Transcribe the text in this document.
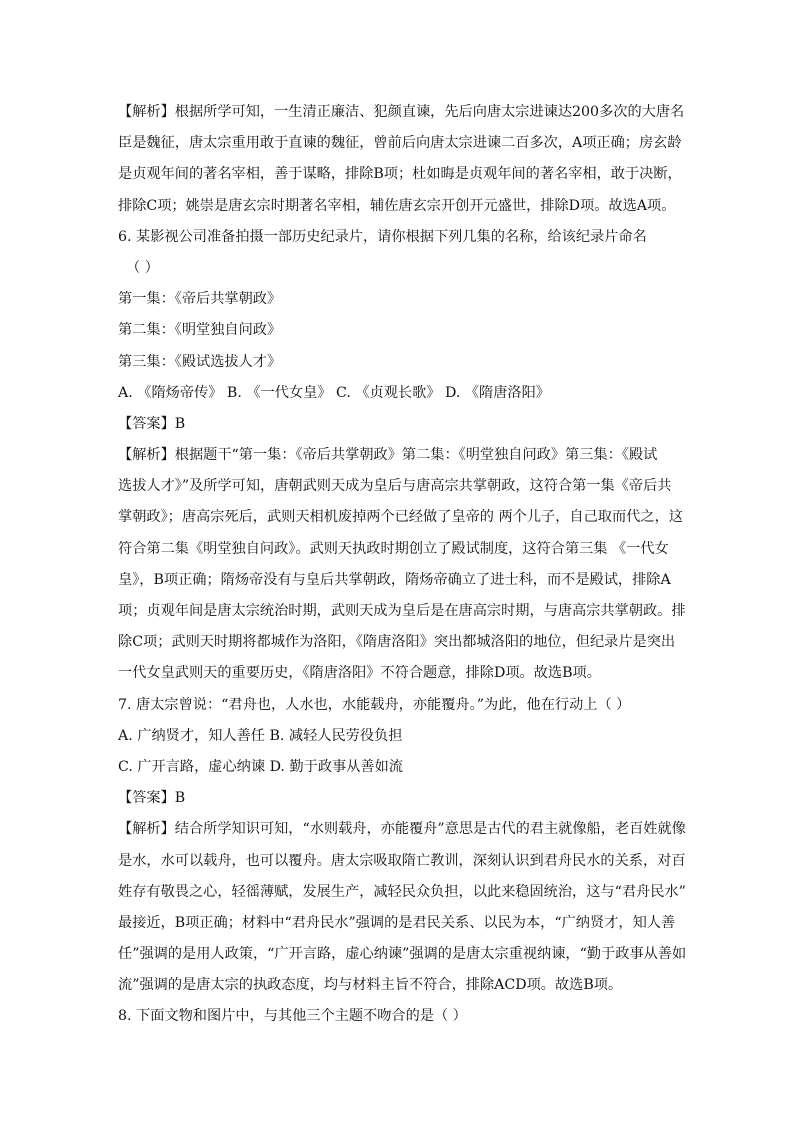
【解析】根据所学可知，一生清正廉洁、犯颜直谏，先后向唐太宗进谏达200多次的大唐名
臣是魏征，唐太宗重用敢于直谏的魏征，曾前后向唐太宗进谏二百多次，A项正确；房玄龄
是贞观年间的著名宰相，善于谋略，排除B项；杜如晦是贞观年间的著名宰相，敢于决断，
排除C项；姚崇是唐玄宗时期著名宰相，辅佐唐玄宗开创开元盛世，排除D项。故选A项。
6. 某影视公司准备拍摄一部历史纪录片，请你根据下列几集的名称，给该纪录片命名
（ ）
第一集：《帝后共掌朝政》
第二集：《明堂独自问政》
第三集：《殿试选拔人才》
A. 《隋炀帝传》 B. 《一代女皇》 C. 《贞观长歌》 D. 《隋唐洛阳》
【答案】B
【解析】根据题干“第一集：《帝后共掌朝政》第二集：《明堂独自问政》第三集：《殿试
选拔人才》”及所学可知，唐朝武则天成为皇后与唐高宗共掌朝政，这符合第一集《帝后共
掌朝政》；唐高宗死后，武则天相机废掉两个已经做了皇帝的 两个儿子，自己取而代之，这
符合第二集《明堂独自问政》。武则天执政时期创立了殿试制度，这符合第三集 《一代女
皇》，B项正确；隋炀帝没有与皇后共掌朝政，隋炀帝确立了进士科，而不是殿试，排除A
项；贞观年间是唐太宗统治时期，武则天成为皇后是在唐高宗时期，与唐高宗共掌朝政。排
除C项；武则天时期将都城作为洛阳，《隋唐洛阳》突出都城洛阳的地位，但纪录片是突出
一代女皇武则天的重要历史，《隋唐洛阳》不符合题意，排除D项。故选B项。
7. 唐太宗曾说：“君舟也，人水也，水能载舟，亦能覆舟。”为此，他在行动上（ ）
A. 广纳贤才，知人善任 B. 减轻人民劳役负担
C. 广开言路，虚心纳谏 D. 勤于政事从善如流
【答案】B
【解析】结合所学知识可知，“水则载舟，亦能覆舟”意思是古代的君主就像船，老百姓就像
是水，水可以载舟，也可以覆舟。唐太宗吸取隋亡教训，深刻认识到君舟民水的关系，对百
姓存有敬畏之心，轻徭薄赋，发展生产，减轻民众负担，以此来稳固统治，这与“君舟民水”
最接近，B项正确；材料中“君舟民水”强调的是君民关系、以民为本，“广纳贤才，知人善
任”强调的是用人政策，“广开言路，虚心纳谏”强调的是唐太宗重视纳谏，“勤于政事从善如
流”强调的是唐太宗的执政态度，均与材料主旨不符合，排除ACD项。故选B项。
8. 下面文物和图片中，与其他三个主题不吻合的是（ ）
